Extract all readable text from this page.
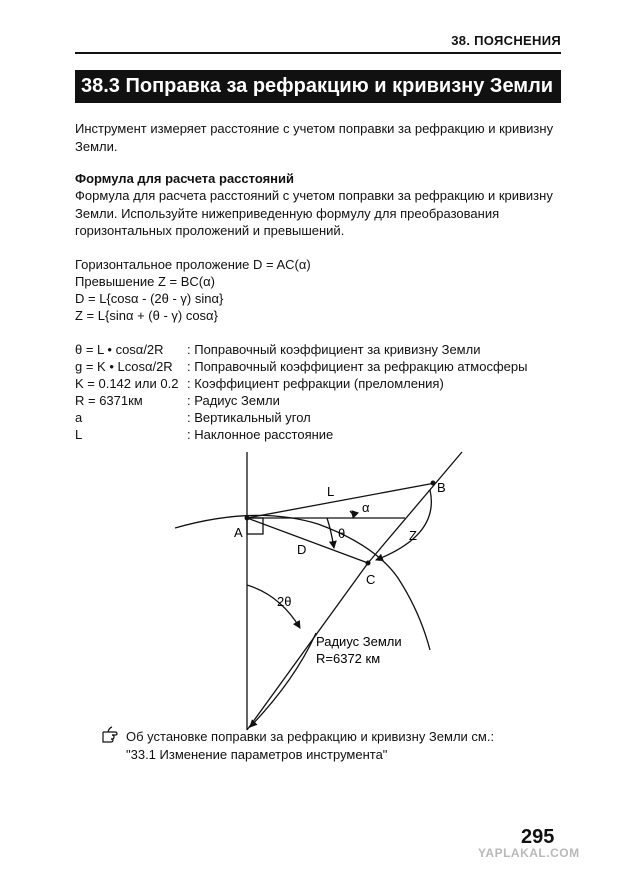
38. ПОЯСНЕНИЯ
38.3 Поправка за рефракцию и кривизну Земли
Инструмент измеряет расстояние с учетом поправки за рефракцию и кривизну
Земли.
Формула для расчета расстояний
Формула для расчета расстояний с учетом поправки за рефракцию и кривизну
Земли. Используйте нижеприведенную формулу для преобразования
горизонтальных проложений и превышений.
Горизонтальное проложение D = AC(α)
Превышение Z = BC(α)
D = L{cosα - (2θ - γ) sinα}
Z = L{sinα + (θ - γ) cosα}
θ = L • cosα/2R : Поправочный коэффициент за кривизну Земли
g = K • Lcosα/2R : Поправочный коэффициент за рефракцию атмосферы
K = 0.142 или 0.2 : Коэффициент рефракции (преломления)
R = 6371км	: Радиус Земли
a	: Вертикальный угол
L	: Наклонное расстояние
A
B
C
L
D
Z
α
θ
2θ
Радиус Земли
R=6372 км
Об установке поправки за рефракцию и кривизну Земли см.:
"33.1 Изменение параметров инструмента"
295
YAPLAKAL.COM
